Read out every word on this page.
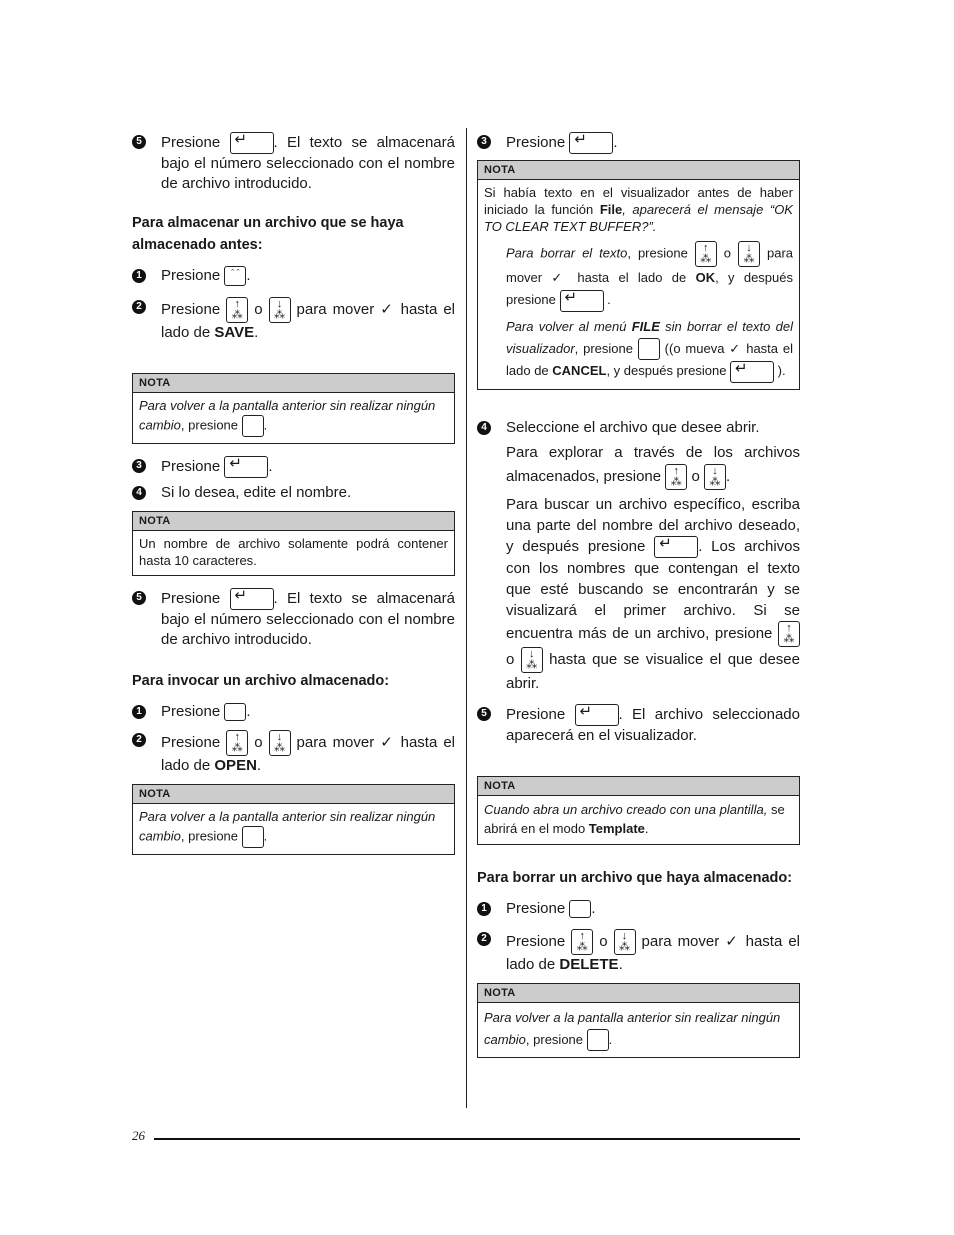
5 Presione ↵	. El texto se almacenará bajo el número seleccionado con el nombre de archivo introducido.
Para almacenar un archivo que se haya almacenado antes:
1 Presione ˆ ˆ .
2 Presione ↑
⁂ o ↓
⁂ para mover ✓ hasta el lado de SAVE.
NOTA
Para volver a la pantalla anterior sin realizar ningún cambio, presione .
3 Presione ↵	.
4 Si lo desea, edite el nombre.
NOTA
Un nombre de archivo solamente podrá contener hasta 10 caracteres.
5 Presione ↵	. El texto se almacenará bajo el número seleccionado con el nombre de archivo introducido.
Para invocar un archivo almacenado:
1 Presione .
2 Presione ↑
⁂ o ↓
⁂ para mover ✓ hasta el lado de OPEN.
NOTA
Para volver a la pantalla anterior sin realizar ningún cambio, presione .
3 Presione ↵	.
NOTA
Si había texto en el visualizador antes de haber iniciado la función File, aparecerá el mensaje “OK TO CLEAR TEXT BUFFER?”.
Para borrar el texto, presione ↑
⁂ o ↓
⁂ para mover ✓ hasta el lado de OK, y después presione ↵	.
Para volver al menú FILE sin borrar el texto del visualizador, presione ((o mueva ✓ hasta el lado de CANCEL, y después presione ↵	).
4 Seleccione el archivo que desee abrir.
Para explorar a través de los archivos almacenados, presione ↑
⁂ o ↓
⁂ .
Para buscar un archivo específico, escriba una parte del nombre del archivo deseado, y después presione ↵	. Los archivos con los nombres que contengan el texto que esté buscando se encontrarán y se visualizará el primer archivo. Si se encuentra más de un archivo, presione ↑
⁂ o ↓
⁂ hasta que se visualice el que desee abrir.
5 Presione ↵	. El archivo seleccionado aparecerá en el visualizador.
NOTA
Cuando abra un archivo creado con una plantilla, se abrirá en el modo Template.
Para borrar un archivo que haya almacenado:
1 Presione .
2 Presione ↑
⁂ o ↓
⁂ para mover ✓ hasta el lado de DELETE.
NOTA
Para volver a la pantalla anterior sin realizar ningún cambio, presione .
26
